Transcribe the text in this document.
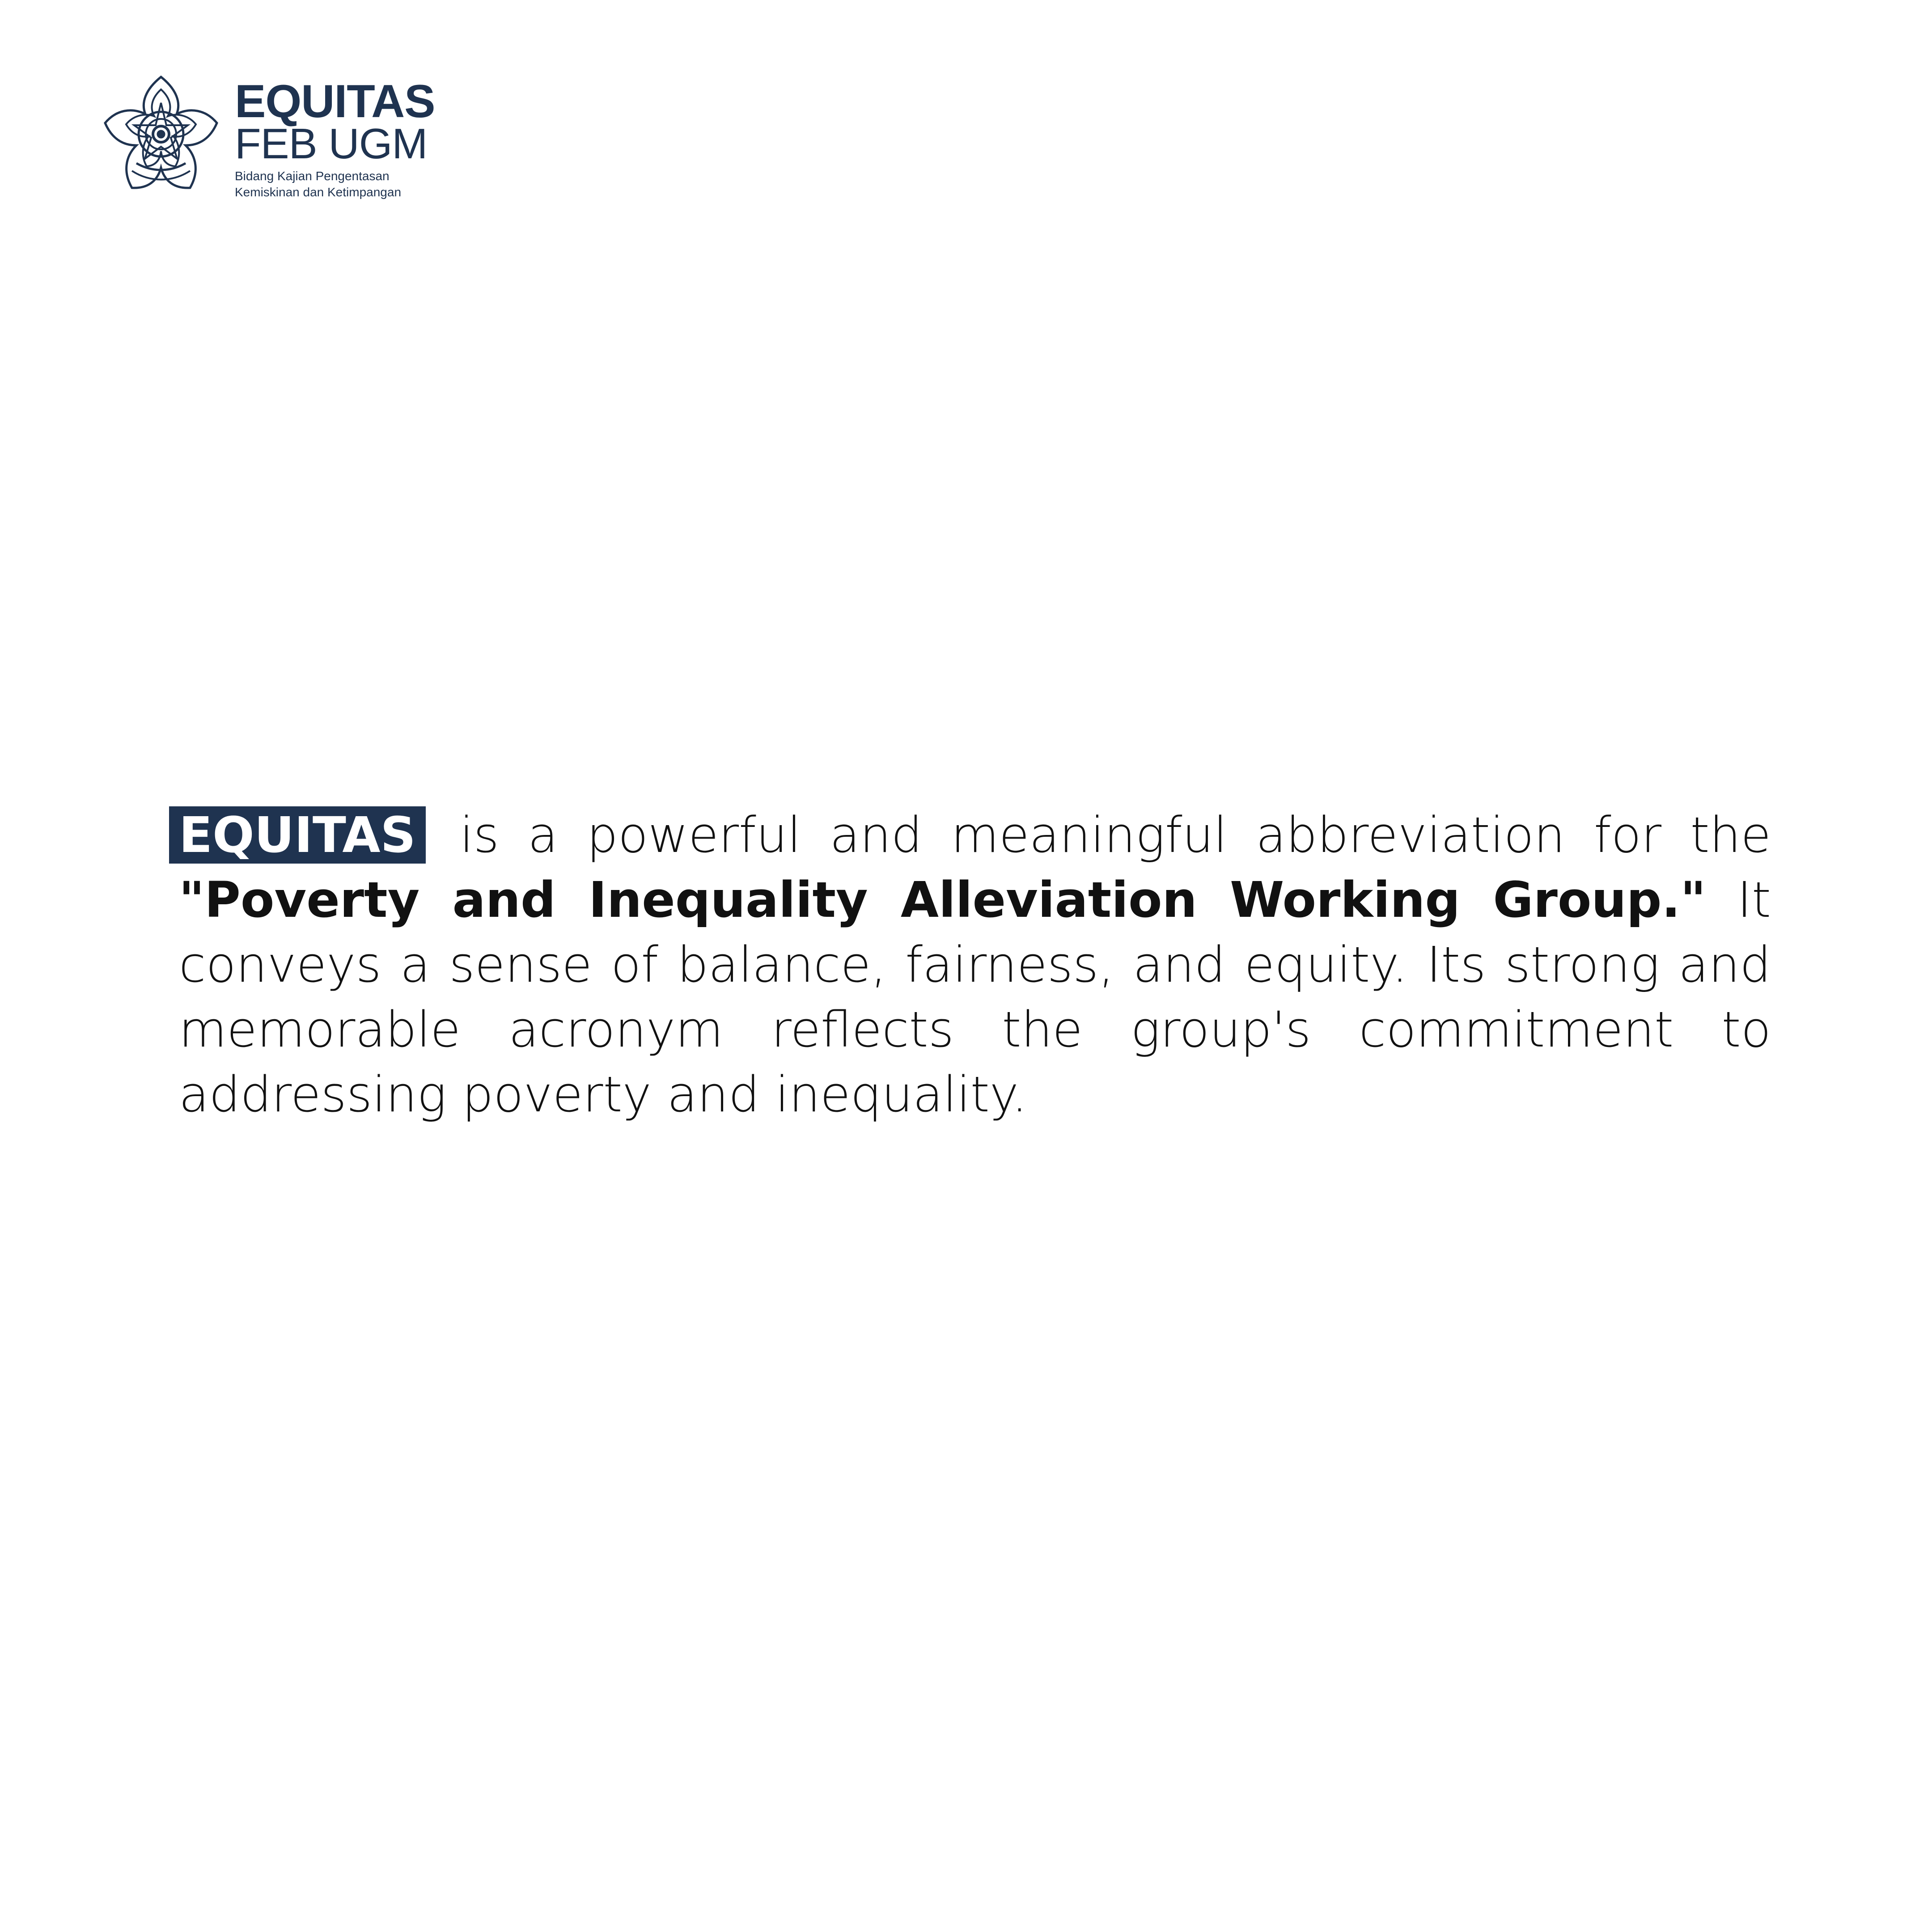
EQUITAS
FEB UGM
Bidang Kajian Pengentasan
Kemiskinan dan Ketimpangan

EQUITAS is a powerful and meaningful abbreviation for the "Poverty and Inequality Alleviation Working Group." It conveys a sense of balance, fairness, and equity. Its strong and memorable acronym reflects the group's commitment to addressing poverty and inequality.
